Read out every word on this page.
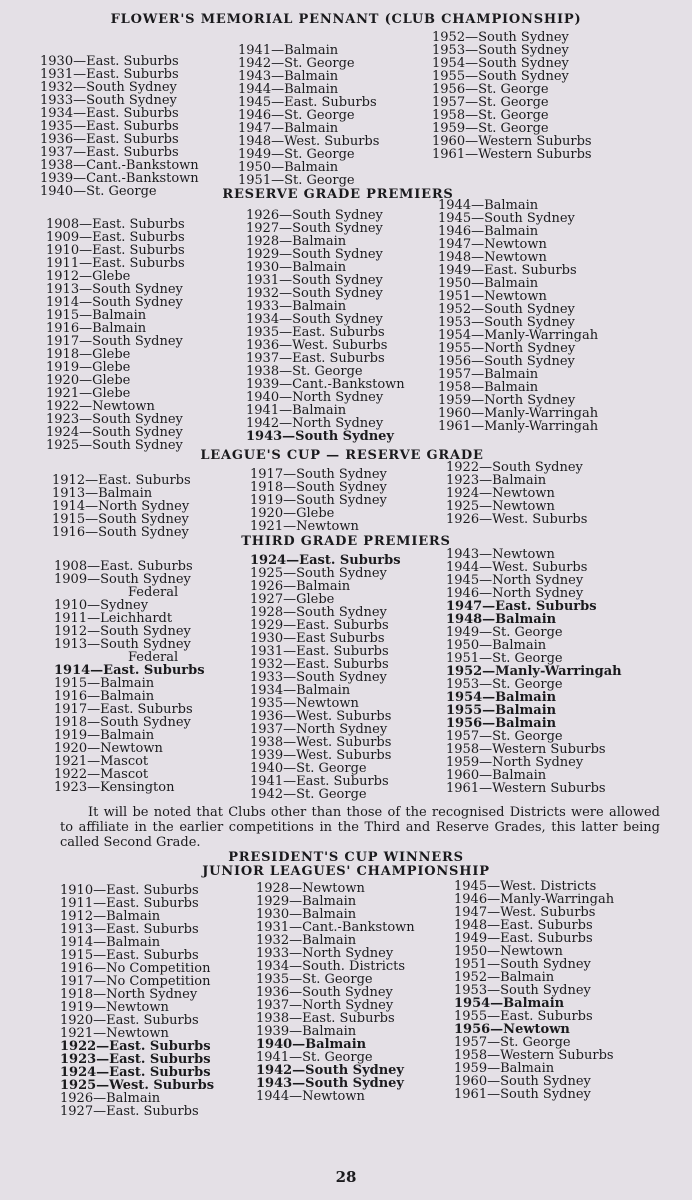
FLOWER'S MEMORIAL PENNANT (CLUB CHAMPIONSHIP)
1930—East. Suburbs
1931—East. Suburbs
1932—South Sydney
1933—South Sydney
1934—East. Suburbs
1935—East. Suburbs
1936—East. Suburbs
1937—East. Suburbs
1938—Cant.-Bankstown
1939—Cant.-Bankstown
1940—St. George
1941—Balmain
1942—St. George
1943—Balmain
1944—Balmain
1945—East. Suburbs
1946—St. George
1947—Balmain
1948—West. Suburbs
1949—St. George
1950—Balmain
1951—St. George
1952—South Sydney
1953—South Sydney
1954—South Sydney
1955—South Sydney
1956—St. George
1957—St. George
1958—St. George
1959—St. George
1960—Western Suburbs
1961—Western Suburbs
RESERVE GRADE PREMIERS
1908—East. Suburbs
1909—East. Suburbs
1910—East. Suburbs
1911—East. Suburbs
1912—Glebe
1913—South Sydney
1914—South Sydney
1915—Balmain
1916—Balmain
1917—South Sydney
1918—Glebe
1919—Glebe
1920—Glebe
1921—Glebe
1922—Newtown
1923—South Sydney
1924—South Sydney
1925—South Sydney
1926—South Sydney
1927—South Sydney
1928—Balmain
1929—South Sydney
1930—Balmain
1931—South Sydney
1932—South Sydney
1933—Balmain
1934—South Sydney
1935—East. Suburbs
1936—West. Suburbs
1937—East. Suburbs
1938—St. George
1939—Cant.-Bankstown
1940—North Sydney
1941—Balmain
1942—North Sydney
1943—South Sydney
1944—Balmain
1945—South Sydney
1946—Balmain
1947—Newtown
1948—Newtown
1949—East. Suburbs
1950—Balmain
1951—Newtown
1952—South Sydney
1953—South Sydney
1954—Manly-Warringah
1955—North Sydney
1956—South Sydney
1957—Balmain
1958—Balmain
1959—North Sydney
1960—Manly-Warringah
1961—Manly-Warringah
LEAGUE'S CUP — RESERVE GRADE
1912—East. Suburbs
1913—Balmain
1914—North Sydney
1915—South Sydney
1916—South Sydney
1917—South Sydney
1918—South Sydney
1919—South Sydney
1920—Glebe
1921—Newtown
1922—South Sydney
1923—Balmain
1924—Newtown
1925—Newtown
1926—West. Suburbs
THIRD GRADE PREMIERS
1908—East. Suburbs
1909—South Sydney
Federal
1910—Sydney
1911—Leichhardt
1912—South Sydney
1913—South Sydney
Federal
1914—East. Suburbs
1915—Balmain
1916—Balmain
1917—East. Suburbs
1918—South Sydney
1919—Balmain
1920—Newtown
1921—Mascot
1922—Mascot
1923—Kensington
1924—East. Suburbs
1925—South Sydney
1926—Balmain
1927—Glebe
1928—South Sydney
1929—East. Suburbs
1930—East Suburbs
1931—East. Suburbs
1932—East. Suburbs
1933—South Sydney
1934—Balmain
1935—Newtown
1936—West. Suburbs
1937—North Sydney
1938—West. Suburbs
1939—West. Suburbs
1940—St. George
1941—East. Suburbs
1942—St. George
1943—Newtown
1944—West. Suburbs
1945—North Sydney
1946—North Sydney
1947—East. Suburbs
1948—Balmain
1949—St. George
1950—Balmain
1951—St. George
1952—Manly-Warringah
1953—St. George
1954—Balmain
1955—Balmain
1956—Balmain
1957—St. George
1958—Western Suburbs
1959—North Sydney
1960—Balmain
1961—Western Suburbs
It will be noted that Clubs other than those of the recognised Districts were allowed to affiliate in the earlier competitions in the Third and Reserve Grades, this latter being called Second Grade.
PRESIDENT'S CUP WINNERS
JUNIOR LEAGUES' CHAMPIONSHIP
1910—East. Suburbs
1911—East. Suburbs
1912—Balmain
1913—East. Suburbs
1914—Balmain
1915—East. Suburbs
1916—No Competition
1917—No Competition
1918—North Sydney
1919—Newtown
1920—East. Suburbs
1921—Newtown
1922—East. Suburbs
1923—East. Suburbs
1924—East. Suburbs
1925—West. Suburbs
1926—Balmain
1927—East. Suburbs
1928—Newtown
1929—Balmain
1930—Balmain
1931—Cant.-Bankstown
1932—Balmain
1933—North Sydney
1934—South. Districts
1935—St. George
1936—South Sydney
1937—North Sydney
1938—East. Suburbs
1939—Balmain
1940—Balmain
1941—St. George
1942—South Sydney
1943—South Sydney
1944—Newtown
1945—West. Districts
1946—Manly-Warringah
1947—West. Suburbs
1948—East. Suburbs
1949—East. Suburbs
1950—Newtown
1951—South Sydney
1952—Balmain
1953—South Sydney
1954—Balmain
1955—East. Suburbs
1956—Newtown
1957—St. George
1958—Western Suburbs
1959—Balmain
1960—South Sydney
1961—South Sydney
28
